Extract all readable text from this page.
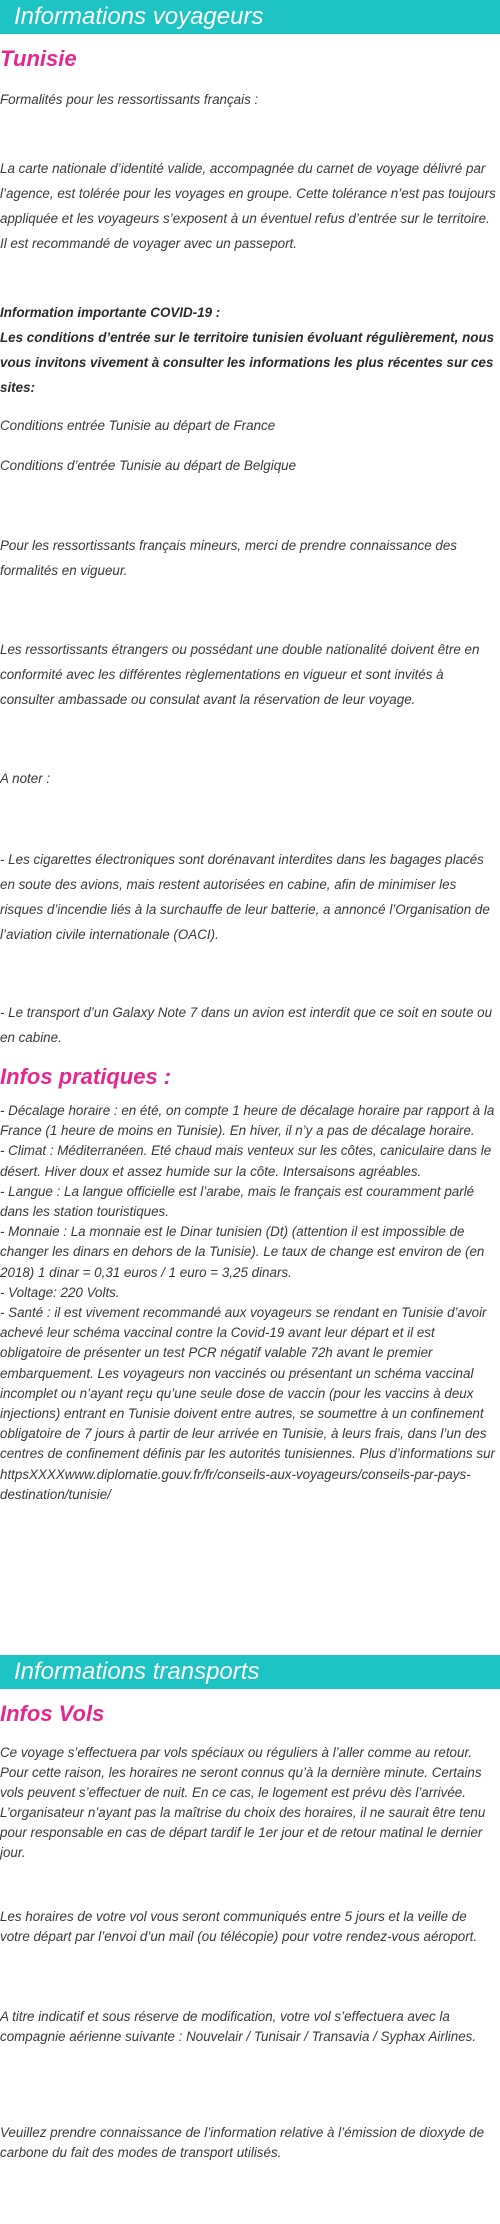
Informations voyageurs
Tunisie

Formalités pour les ressortissants français :

La carte nationale d’identité valide, accompagnée du carnet de voyage délivré par l’agence, est tolérée pour les voyages en groupe. Cette tolérance n’est pas toujours appliquée et les voyageurs s’exposent à un éventuel refus d’entrée sur le territoire. Il est recommandé de voyager avec un passeport.

Information importante COVID-19 :
Les conditions d’entrée sur le territoire tunisien évoluant régulièrement, nous vous invitons vivement à consulter les informations les plus récentes sur ces sites:

Conditions entrée Tunisie au départ de France

Conditions d’entrée Tunisie au départ de Belgique

Pour les ressortissants français mineurs, merci de prendre connaissance des formalités en vigueur.

Les ressortissants étrangers ou possédant une double nationalité doivent être en conformité avec les différentes règlementations en vigueur et sont invités à consulter ambassade ou consulat avant la réservation de leur voyage.

A noter :

- Les cigarettes électroniques sont dorénavant interdites dans les bagages placés en soute des avions, mais restent autorisées en cabine, afin de minimiser les risques d’incendie liés à la surchauffe de leur batterie, a annoncé l’Organisation de l’aviation civile internationale (OACI).

- Le transport d’un Galaxy Note 7 dans un avion est interdit que ce soit en soute ou en cabine.

Infos pratiques :

- Décalage horaire : en été, on compte 1 heure de décalage horaire par rapport à la France (1 heure de moins en Tunisie). En hiver, il n’y a pas de décalage horaire.
- Climat : Méditerranéen. Eté chaud mais venteux sur les côtes, caniculaire dans le désert. Hiver doux et assez humide sur la côte. Intersaisons agréables.
- Langue : La langue officielle est l’arabe, mais le français est couramment parlé dans les station touristiques.
- Monnaie : La monnaie est le Dinar tunisien (Dt) (attention il est impossible de changer les dinars en dehors de la Tunisie). Le taux de change est environ de (en 2018) 1 dinar = 0,31 euros / 1 euro = 3,25 dinars.
- Voltage: 220 Volts.
- Santé : il est vivement recommandé aux voyageurs se rendant en Tunisie d’avoir achevé leur schéma vaccinal contre la Covid-19 avant leur départ et il est obligatoire de présenter un test PCR négatif valable 72h avant le premier embarquement. Les voyageurs non vaccinés ou présentant un schéma vaccinal incomplet ou n’ayant reçu qu’une seule dose de vaccin (pour les vaccins à deux injections) entrant en Tunisie doivent entre autres, se soumettre à un confinement obligatoire de 7 jours à partir de leur arrivée en Tunisie, à leurs frais, dans l’un des centres de confinement définis par les autorités tunisiennes. Plus d’informations sur httpsXXXXwww.diplomatie.gouv.fr/fr/conseils-aux-voyageurs/conseils-par-pays-destination/tunisie/

Informations transports
Infos Vols

Ce voyage s’effectuera par vols spéciaux ou réguliers à l’aller comme au retour. Pour cette raison, les horaires ne seront connus qu’à la dernière minute. Certains vols peuvent s’effectuer de nuit. En ce cas, le logement est prévu dès l’arrivée. L’organisateur n’ayant pas la maîtrise du choix des horaires, il ne saurait être tenu pour responsable en cas de départ tardif le 1er jour et de retour matinal le dernier jour.

Les horaires de votre vol vous seront communiqués entre 5 jours et la veille de votre départ par l’envoi d’un mail (ou télécopie) pour votre rendez-vous aéroport.

A titre indicatif et sous réserve de modification, votre vol s’effectuera avec la compagnie aérienne suivante : Nouvelair / Tunisair / Transavia / Syphax Airlines.

Veuillez prendre connaissance de l’information relative à l’émission de dioxyde de carbone du fait des modes de transport utilisés.
